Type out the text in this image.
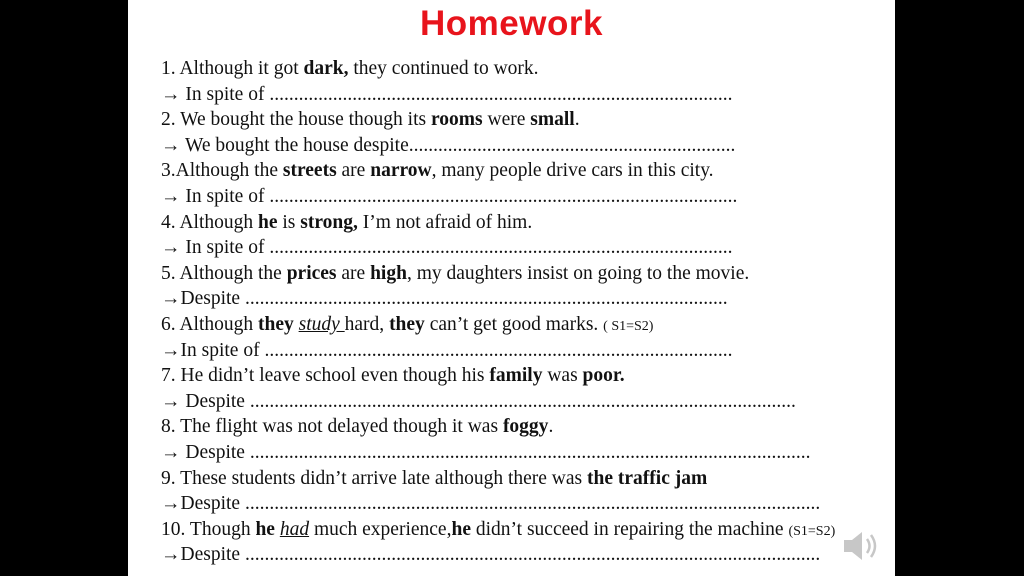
Homework
1. Although it got dark, they continued to work.
→ In spite of ...............................................................................................
2. We bought the house though its rooms were small.
→ We bought the house despite...................................................................
3.Although the streets are narrow, many people drive cars in this city.
→ In spite of ................................................................................................
4. Although he is strong, I’m not afraid of him.
→ In spite of ...............................................................................................
5. Although the prices are high, my daughters insist on going to the movie.
→Despite ...................................................................................................
6. Although they study hard, they can’t get good marks. ( S1=S2)
→In spite of ................................................................................................
7. He didn’t leave school even though his family was poor.
→ Despite ................................................................................................................
8. The flight was not delayed though it was foggy.
→ Despite ...................................................................................................................
9. These students didn’t arrive late although there was the traffic jam
→Despite ......................................................................................................................
10. Though he had much experience,he didn’t succeed in repairing the machine (S1=S2)
→Despite ......................................................................................................................
